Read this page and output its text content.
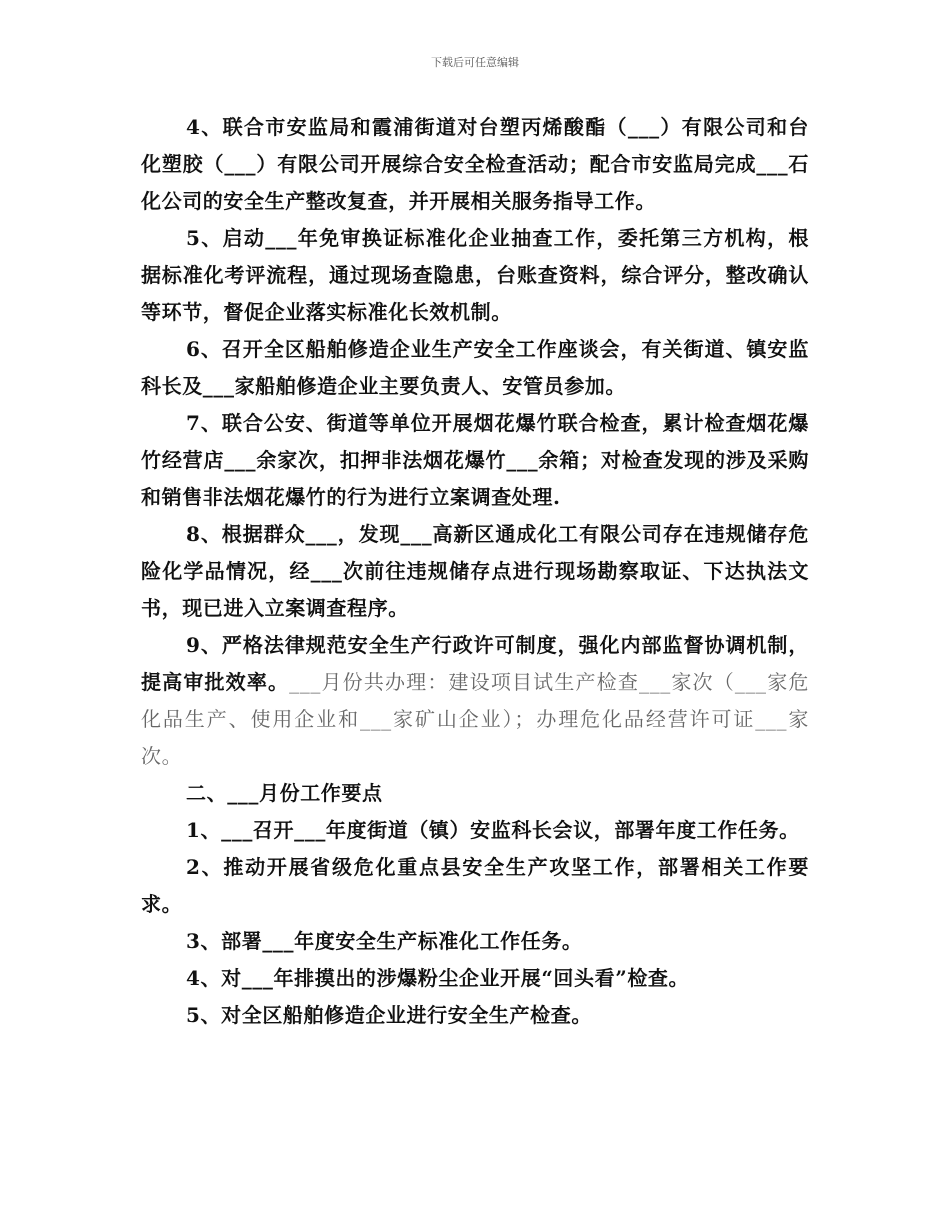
下载后可任意编辑

4、联合市安监局和霞浦街道对台塑丙烯酸酯（___）有限公司和台化塑胶（___）有限公司开展综合安全检查活动；配合市安监局完成___石化公司的安全生产整改复查，并开展相关服务指导工作。

5、启动___年免审换证标准化企业抽查工作，委托第三方机构，根据标准化考评流程，通过现场查隐患，台账查资料，综合评分，整改确认等环节，督促企业落实标准化长效机制。

6、召开全区船舶修造企业生产安全工作座谈会，有关街道、镇安监科长及___家船舶修造企业主要负责人、安管员参加。

7、联合公安、街道等单位开展烟花爆竹联合检查，累计检查烟花爆竹经营店___余家次，扣押非法烟花爆竹___余箱；对检查发现的涉及采购和销售非法烟花爆竹的行为进行立案调查处理.

8、根据群众___，发现___高新区通成化工有限公司存在违规储存危险化学品情况，经___次前往违规储存点进行现场勘察取证、下达执法文书，现已进入立案调查程序。

9、严格法律规范安全生产行政许可制度，强化内部监督协调机制，提高审批效率。___月份共办理：建设项目试生产检查___家次（___家危化品生产、使用企业和___家矿山企业）；办理危化品经营许可证___家次。

二、___月份工作要点

1、___召开___年度街道（镇）安监科长会议，部署年度工作任务。

2、推动开展省级危化重点县安全生产攻坚工作，部署相关工作要求。

3、部署___年度安全生产标准化工作任务。

4、对___年排摸出的涉爆粉尘企业开展“回头看”检查。

5、对全区船舶修造企业进行安全生产检查。
